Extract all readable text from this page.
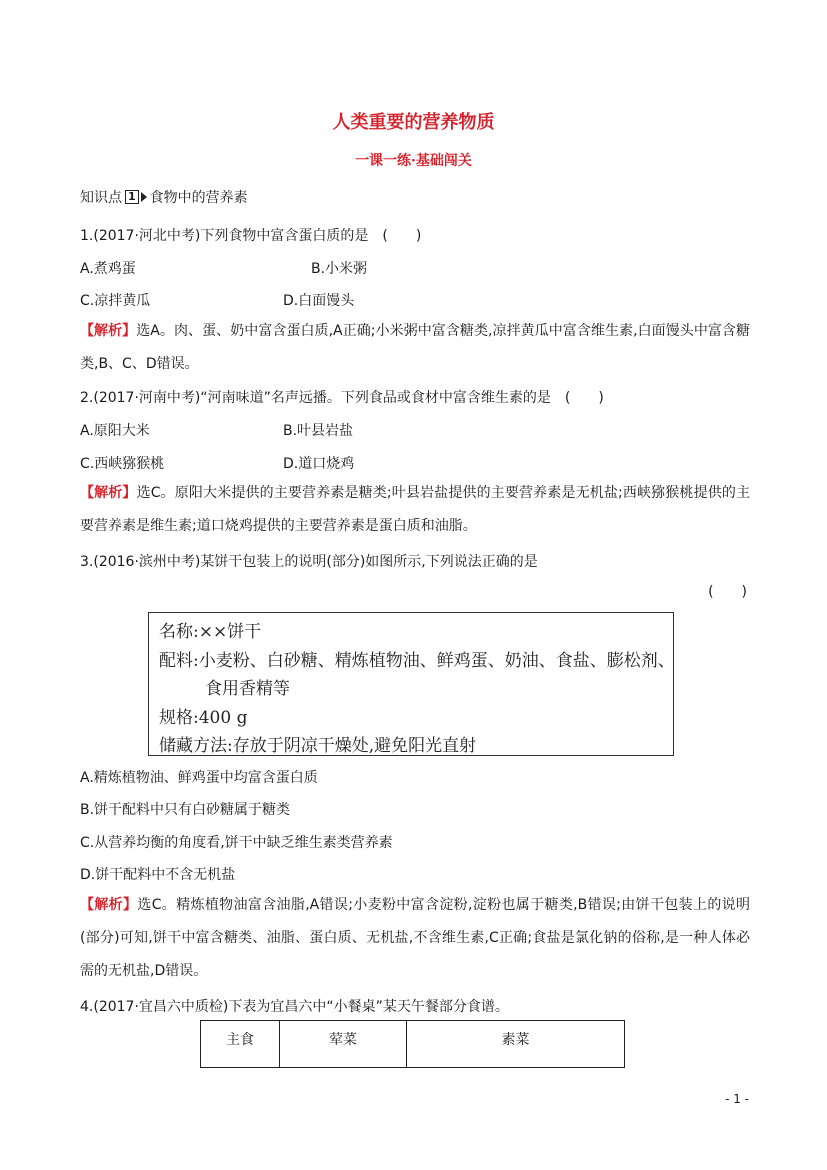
人类重要的营养物质
一课一练·基础闯关
知识点 1 食物中的营养素
1.(2017·河北中考)下列食物中富含蛋白质的是　(　　)
A.煮鸡蛋	B.小米粥
C.凉拌黄瓜	D.白面馒头
【解析】选A。肉、蛋、奶中富含蛋白质,A正确;小米粥中富含糖类,凉拌黄瓜中富含维生素,白面馒头中富含糖类,B、C、D错误。
2.(2017·河南中考)“河南味道”名声远播。下列食品或食材中富含维生素的是　(　　)
A.原阳大米	B.叶县岩盐
C.西峡猕猴桃	D.道口烧鸡
【解析】选C。原阳大米提供的主要营养素是糖类;叶县岩盐提供的主要营养素是无机盐;西峡猕猴桃提供的主要营养素是维生素;道口烧鸡提供的主要营养素是蛋白质和油脂。
3.(2016·滨州中考)某饼干包装上的说明(部分)如图所示,下列说法正确的是
(　　)
名称:××饼干
配料:小麦粉、白砂糖、精炼植物油、鲜鸡蛋、奶油、食盐、膨松剂、
食用香精等
规格:400 g
储藏方法:存放于阴凉干燥处,避免阳光直射
A.精炼植物油、鲜鸡蛋中均富含蛋白质
B.饼干配料中只有白砂糖属于糖类
C.从营养均衡的角度看,饼干中缺乏维生素类营养素
D.饼干配料中不含无机盐
【解析】选C。精炼植物油富含油脂,A错误;小麦粉中富含淀粉,淀粉也属于糖类,B错误;由饼干包装上的说明(部分)可知,饼干中富含糖类、油脂、蛋白质、无机盐,不含维生素,C正确;食盐是氯化钠的俗称,是一种人体必需的无机盐,D错误。
4.(2017·宜昌六中质检)下表为宜昌六中“小餐桌”某天午餐部分食谱。
主食	荤菜	素菜
- 1 -
